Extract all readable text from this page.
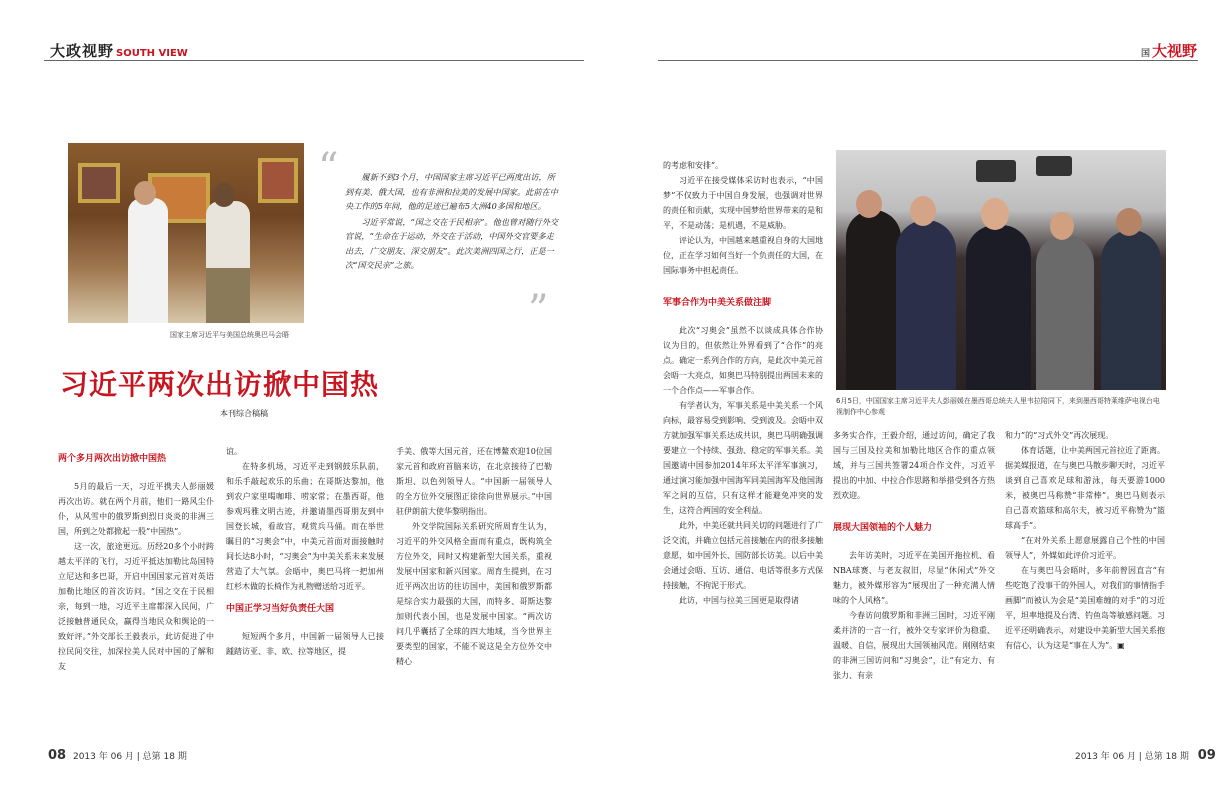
大政视野 SOUTH VIEW
国家主席习近平与美国总统奥巴马会晤
“	履新不到3个月，中国国家主席习近平已两度出访，所到有美、俄大国，也有非洲和拉美的发展中国家。此前在中央工作的5年间，他的足迹已遍布5大洲40多国和地区。

习近平常说，“国之交在于民相亲”。他也曾对随行外交官说，“生命在于运动，外交在于活动，中国外交官要多走出去，广交朋友、深交朋友”。此次美洲四国之行，正是一次“国交民亲”之旅。

”
习近平两次出访掀中国热
本刊综合稿稿
两个多月两次出访掀中国热

5月的最后一天，习近平携夫人彭丽媛再次出访。就在两个月前，他们一路风尘仆仆，从风雪中的俄罗斯到烈日炎炎的非洲三国，所到之处都掀起一股“中国热”。

这一次，旅途更远。历经20多个小时跨越太平洋的飞行，习近平抵达加勒比岛国特立尼达和多巴哥，开启中国国家元首对英语加勒比地区的首次访问。“国之交在于民相亲，每到一地，习近平主席都深入民间，广泛接触普通民众，赢得当地民众和舆论的一致好评。”外交部长王毅表示，此访促进了中拉民间交往，加深拉美人民对中国的了解和友

谊。

在特多机场，习近平走到钢鼓乐队前，和乐手敲起欢乐的乐曲；在哥斯达黎加，他到农户家里喝咖啡、唠家常；在墨西哥，他参观玛雅文明古迹，并邀请墨西哥朋友到中国登长城，看故宫，观赏兵马俑。而在举世瞩目的“习奥会”中，中美元首面对面接触时间长达8小时，“习奥会”为中美关系未来发展营造了大气氛。会晤中，奥巴马将一把加州红杉木做的长椅作为礼物赠送给习近平。

中国正学习当好负责任大国

短短两个多月，中国新一届领导人已接踵踏访亚、非、欧、拉等地区，提

手美、俄等大国元首，还在博鳌欢迎10位国家元首和政府首脑来访，在北京接待了巴勒斯坦、以色列领导人。“中国新一届领导人的全方位外交展图正徐徐向世界展示。”中国驻伊朗前大使华黎明指出。

外交学院国际关系研究所周育生认为，习近平的外交风格全面而有重点，既构筑全方位外交，同时又构建新型大国关系，重视发展中国家和新兴国家。周育生提到，在习近平两次出访的往访国中，美国和俄罗斯都是综合实力最强的大国，而特多、哥斯达黎加则代表小国，也是发展中国家。“两次访问几乎囊括了全球的四大地域，当今世界主要类型的国家，不能不说这是全方位外交中精心

08 2013 年 06 月 | 总第 18 期
国 大视野

的考虑和安排”。

习近平在接受媒体采访时也表示，“中国梦”不仅致力于中国自身发展，也强调对世界的责任和贡献，实现中国梦给世界带来的是和平，不是动荡；是机遇，不是威胁。

评论认为，中国越来越重视自身的大国地位，正在学习如何当好一个负责任的大国，在国际事务中担起责任。

军事合作为中美关系做注脚

此次“习奥会”虽然不以谈成具体合作协议为目的，但依然让外界看到了“合作”的亮点。确定一系列合作的方向，是此次中美元首会晤一大亮点，如奥巴马特别提出两国未来的一个合作点——军事合作。

有学者认为，军事关系是中美关系一个风向标，最容易受到影响、受到波及。会晤中双方就加强军事关系达成共识，奥巴马明确强调要建立一个持续、强劲、稳定的军事关系。美国邀请中国参加2014年环太平洋军事演习，通过演习能加强中国海军同美国海军及他国海军之间的互信，只有这样才能避免冲突的发生，这符合两国的安全利益。

此外，中美还就共同关切的问题进行了广泛交流，并确立包括元首接触在内的很多接触意愿，如中国外长、国防部长访美。以后中美会通过会晤、互访、通信、电话等很多方式保持接触，不拘泥于形式。

此访，中国与拉美三国更是取得诸

6月5日，中国国家主席习近平夫人彭丽媛在墨西哥总统夫人里韦拉陪同下，来到墨西哥特莱维萨电视台电视制作中心参观

多务实合作，王毅介绍，通过访问，确定了我国与三国及拉美和加勒比地区合作的重点领域，并与三国共签署24项合作文件，习近平提出的中加、中拉合作思路和举措受到各方热烈欢迎。

展现大国领袖的个人魅力

去年访美时，习近平在美国开拖拉机、看NBA球赛、与老友叙旧，尽显“休闲式”外交魅力，被外媒形容为“展现出了一种充满人情味的个人风格”。

今春访问俄罗斯和非洲三国时，习近平刚柔并济的一言一行，被外交专家评价为稳重、温暖、自信，展现出大国领袖风范。刚刚结束的非洲三国访问和“习奥会”，让“有定力、有张力、有亲

和力”的“习式外交”再次展现。

体育话题，让中美两国元首拉近了距离。据美媒报道，在与奥巴马散步聊天时，习近平谈到自己喜欢足球和游泳，每天要游1000米，被奥巴马称赞“非常棒”。奥巴马则表示自己喜欢篮球和高尔夫，被习近平称赞为“篮球高手”。

“在对外关系上愿意展露自己个性的中国领导人”，外媒如此评价习近平。

在与奥巴马会晤时，多年前曾因直言“有些吃饱了没事干的外国人，对我们的事情指手画脚”而被认为会是“美国难缠的对手”的习近平，坦率地提及台湾、钓鱼岛等敏感问题。习近平还明确表示，对建设中美新型大国关系抱有信心，认为这是“事在人为”。▣

2013 年 06 月 | 总第 18 期 09
